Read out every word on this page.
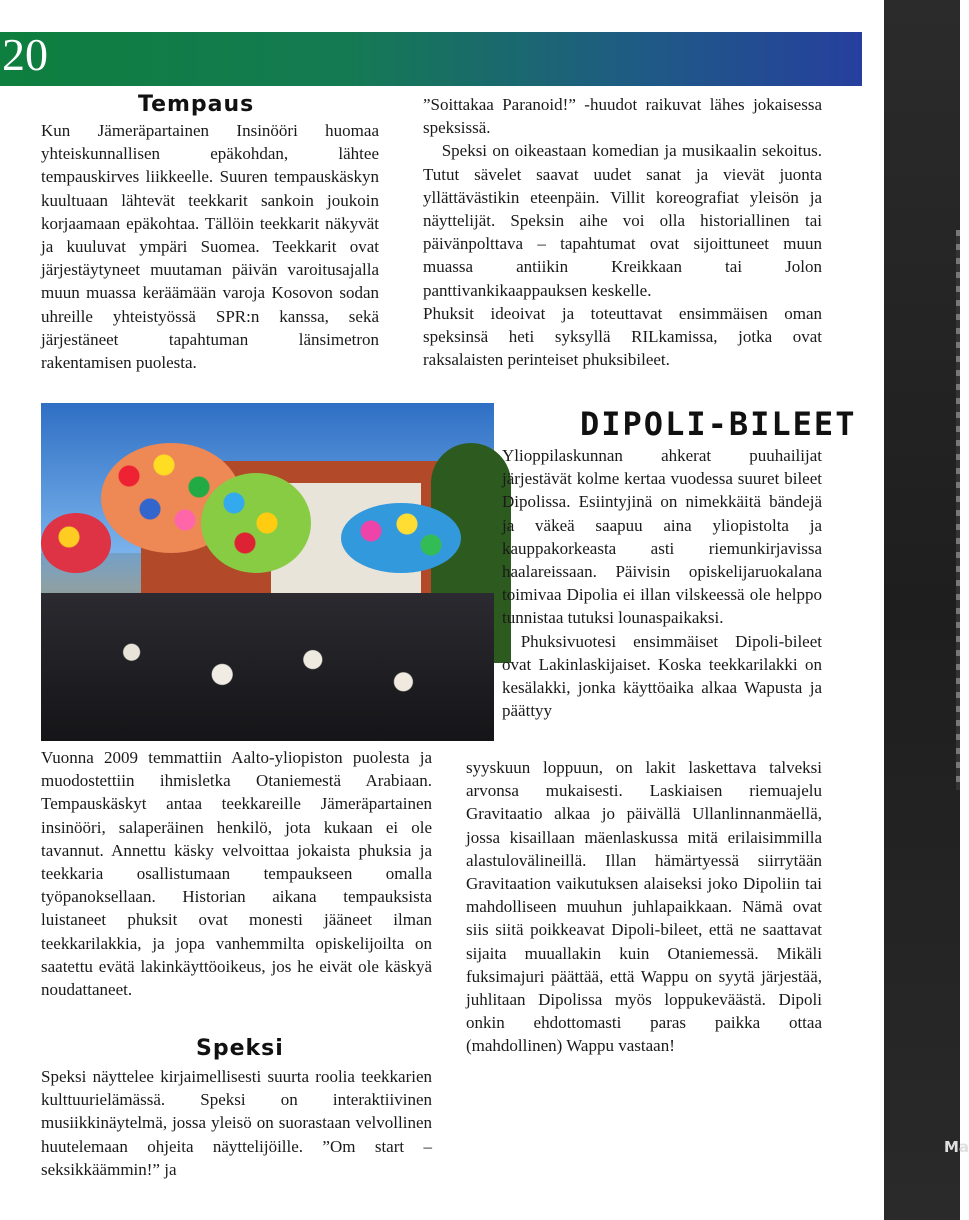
20
Ma
Tempaus

Kun Jämeräpartainen Insinööri huomaa yhteiskunnallisen epäkohdan, lähtee tempauskirves liikkeelle. Suuren tempauskäskyn kuultuaan lähtevät teekkarit sankoin joukoin korjaamaan epäkohtaa. Tällöin teekkarit näkyvät ja kuuluvat ympäri Suomea. Teekkarit ovat järjestäytyneet muutaman päivän varoitusajalla muun muassa keräämään varoja Kosovon sodan uhreille yhteistyössä SPR:n kanssa, sekä järjestäneet tapahtuman länsimetron rakentamisen puolesta.

Vuonna 2009 temmattiin Aalto-yliopiston puolesta ja muodostettiin ihmisletka Otaniemestä Arabiaan. Tempauskäskyt antaa teekkareille Jämeräpartainen insinööri, salaperäinen henkilö, jota kukaan ei ole tavannut. Annettu käsky velvoittaa jokaista phuksia ja teekkaria osallistumaan tempaukseen omalla työpanoksellaan. Historian aikana tempauksista luistaneet phuksit ovat monesti jääneet ilman teekkarilakkia, ja jopa vanhemmilta opiskelijoilta on saatettu evätä lakinkäyttöoikeus, jos he eivät ole käskyä noudattaneet.

Speksi

Speksi näyttelee kirjaimellisesti suurta roolia teekkarien kulttuurielämässä. Speksi on interaktiivinen musiikkinäytelmä, jossa yleisö on suorastaan velvollinen huutelemaan ohjeita näyttelijöille. ”Om start – seksikkäämmin!” ja

”Soittakaa Paranoid!” -huudot raikuvat lähes jokaisessa speksissä.

Speksi on oikeastaan komedian ja musikaalin sekoitus. Tutut sävelet saavat uudet sanat ja vievät juonta yllättävästikin eteenpäin. Villit koreografiat yleisön ja näyttelijät. Speksin aihe voi olla historiallinen tai päivänpolttava – tapahtumat ovat sijoittuneet muun muassa antiikin Kreikkaan tai Jolon panttivankikaappauksen keskelle.

Phuksit ideoivat ja toteuttavat ensimmäisen oman speksinsä heti syksyllä RILkamissa, jotka ovat raksalaisten perinteiset phuksibileet.

DIPOLI-BILEET

Ylioppilaskunnan ahkerat puuhailijat järjestävät kolme kertaa vuodessa suuret bileet Dipolissa. Esiintyjinä on nimekkäitä bändejä ja väkeä saapuu aina yliopistolta ja kauppakorkeasta asti riemunkirjavissa haalareissaan. Päivisin opiskelijaruokalana toimivaa Dipolia ei illan vilskeessä ole helppo tunnistaa tutuksi lounaspaikaksi.

Phuksivuotesi ensimmäiset Dipoli-bileet ovat Lakinlaskijaiset. Koska teekkarilakki on kesälakki, jonka käyttöaika alkaa Wapusta ja päättyy

syyskuun loppuun, on lakit laskettava talveksi arvonsa mukaisesti. Laskiaisen riemuajelu Gravitaatio alkaa jo päivällä Ullanlinnanmäellä, jossa kisaillaan mäenlaskussa mitä erilaisimmilla alastulovälineillä. Illan hämärtyessä siirrytään Gravitaation vaikutuksen alaiseksi joko Dipoliin tai mahdolliseen muuhun juhlapaikkaan. Nämä ovat siis siitä poikkeavat Dipoli-bileet, että ne saattavat sijaita muuallakin kuin Otaniemessä. Mikäli fuksimajuri päättää, että Wappu on syytä järjestää, juhlitaan Dipolissa myös loppukeväästä. Dipoli onkin ehdottomasti paras paikka ottaa (mahdollinen) Wappu vastaan!
